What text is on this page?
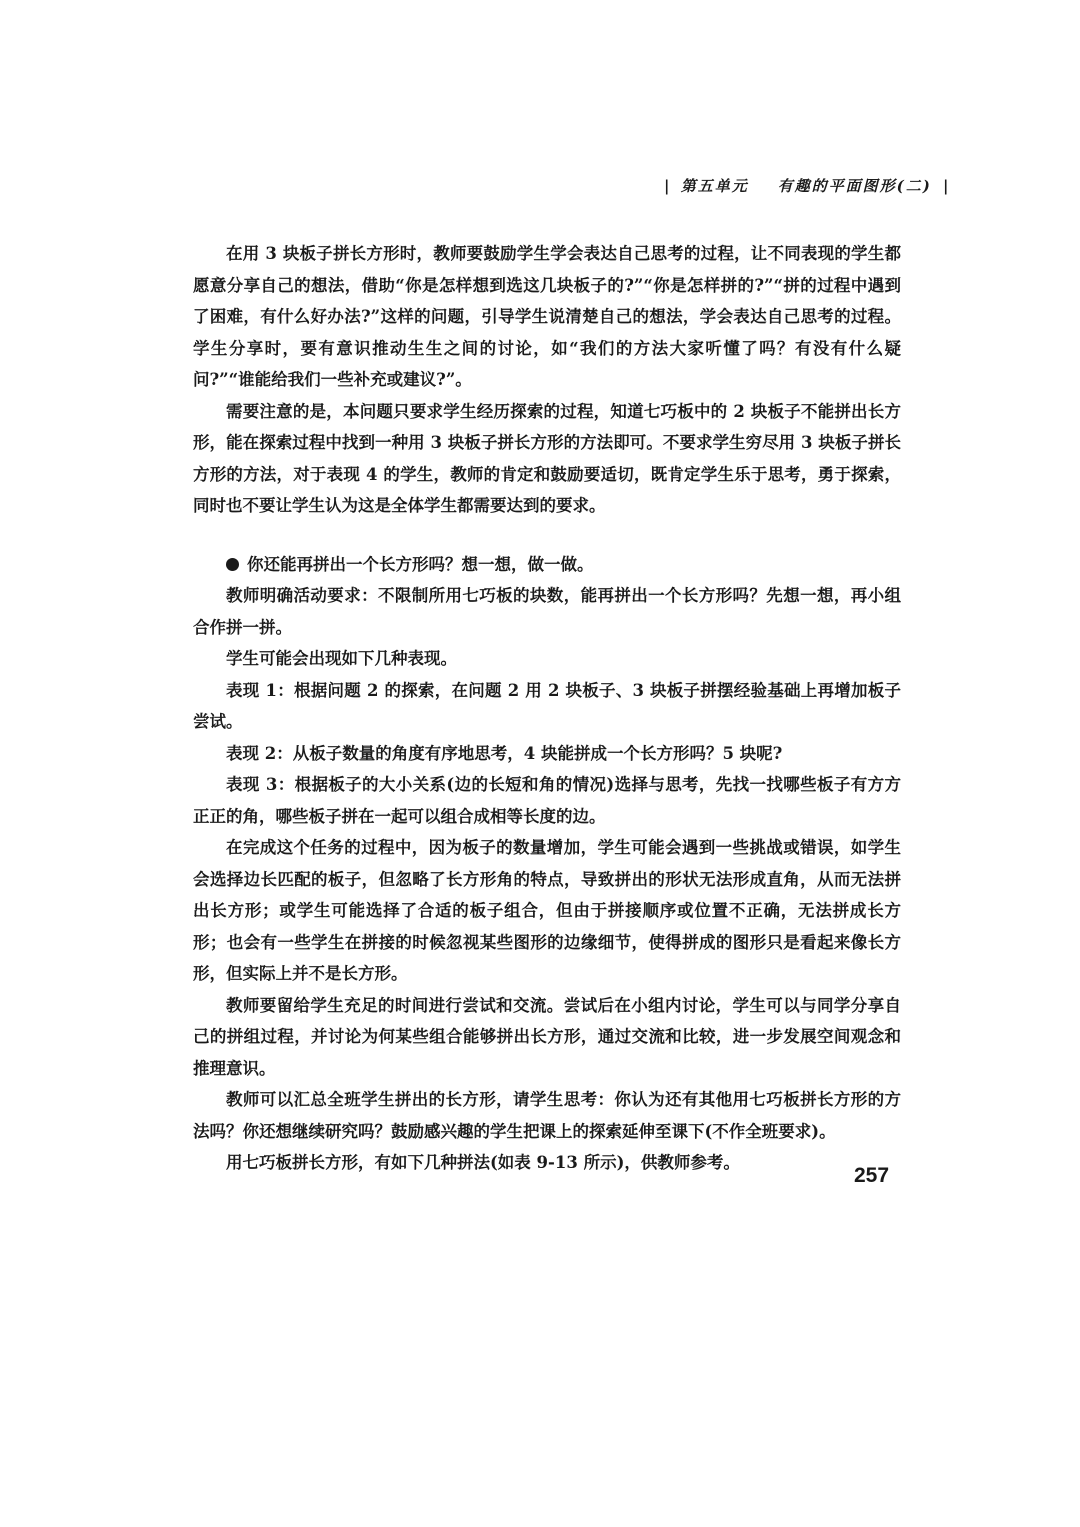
| 第五单元 有趣的平面图形(二) |

在用 3 块板子拼长方形时，教师要鼓励学生学会表达自己思考的过程，让不同表现的学生都愿意分享自己的想法，借助“你是怎样想到选这几块板子的?”“你是怎样拼的?”“拼的过程中遇到了困难，有什么好办法?”这样的问题，引导学生说清楚自己的想法，学会表达自己思考的过程。学生分享时，要有意识推动生生之间的讨论，如“我们的方法大家听懂了吗？有没有什么疑问?”“谁能给我们一些补充或建议?”。

需要注意的是，本问题只要求学生经历探索的过程，知道七巧板中的 2 块板子不能拼出长方形，能在探索过程中找到一种用 3 块板子拼长方形的方法即可。不要求学生穷尽用 3 块板子拼长方形的方法，对于表现 4 的学生，教师的肯定和鼓励要适切，既肯定学生乐于思考，勇于探索，同时也不要让学生认为这是全体学生都需要达到的要求。

你还能再拼出一个长方形吗？想一想，做一做。

教师明确活动要求：不限制所用七巧板的块数，能再拼出一个长方形吗？先想一想，再小组合作拼一拼。

学生可能会出现如下几种表现。

表现 1：根据问题 2 的探索，在问题 2 用 2 块板子、3 块板子拼摆经验基础上再增加板子尝试。

表现 2：从板子数量的角度有序地思考，4 块能拼成一个长方形吗？5 块呢?

表现 3：根据板子的大小关系(边的长短和角的情况)选择与思考，先找一找哪些板子有方方正正的角，哪些板子拼在一起可以组合成相等长度的边。

在完成这个任务的过程中，因为板子的数量增加，学生可能会遇到一些挑战或错误，如学生会选择边长匹配的板子，但忽略了长方形角的特点，导致拼出的形状无法形成直角，从而无法拼出长方形；或学生可能选择了合适的板子组合，但由于拼接顺序或位置不正确，无法拼成长方形；也会有一些学生在拼接的时候忽视某些图形的边缘细节，使得拼成的图形只是看起来像长方形，但实际上并不是长方形。

教师要留给学生充足的时间进行尝试和交流。尝试后在小组内讨论，学生可以与同学分享自己的拼组过程，并讨论为何某些组合能够拼出长方形，通过交流和比较，进一步发展空间观念和推理意识。

教师可以汇总全班学生拼出的长方形，请学生思考：你认为还有其他用七巧板拼长方形的方法吗？你还想继续研究吗？鼓励感兴趣的学生把课上的探索延伸至课下(不作全班要求)。

用七巧板拼长方形，有如下几种拼法(如表 9-13 所示)，供教师参考。

257
